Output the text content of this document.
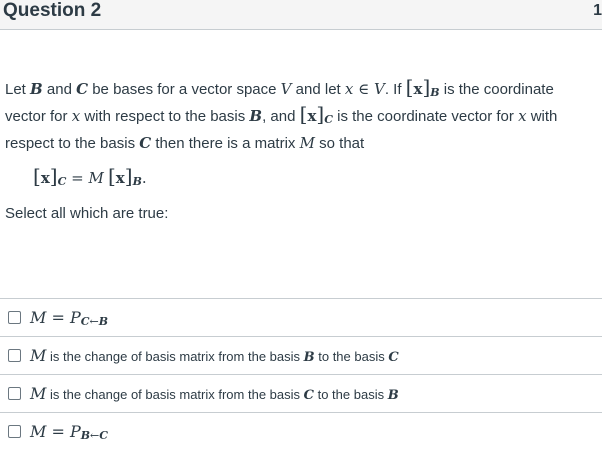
Question 2	1

Let B and C be bases for a vector space V and let x ∈ V. If $[x]_B$ is the coordinate

vector for x with respect to the basis B, and $[x]_C$ is the coordinate vector for x with

respect to the basis C then there is a matrix M so that

$[x]_C = M$ $[x]_B$.
Select all which are true:
$M = P_{C\leftarrow B}$
M is the change of basis matrix from the basis B to the basis C
M is the change of basis matrix from the basis C to the basis B
$M = P_{B\leftarrow C}$
